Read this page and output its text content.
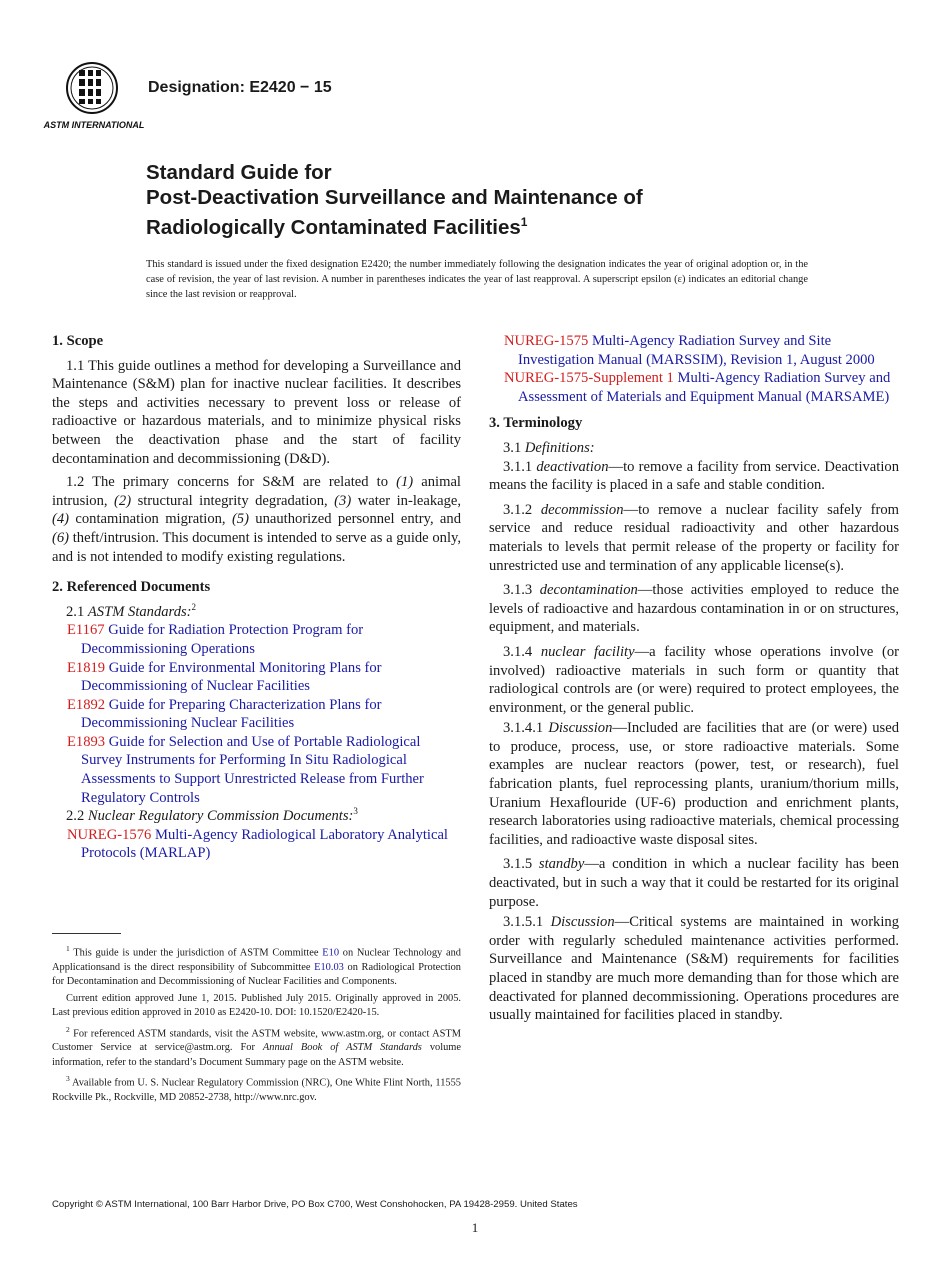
ASTM INTERNATIONAL
Designation: E2420 − 15
Standard Guide for
Post-Deactivation Surveillance and Maintenance of
Radiologically Contaminated Facilities$^1$
This standard is issued under the fixed designation E2420; the number immediately following the designation indicates the year of original adoption or, in the case of revision, the year of last revision. A number in parentheses indicates the year of last reapproval. A superscript epsilon (ε) indicates an editorial change since the last revision or reapproval.

1. Scope

1.1 This guide outlines a method for developing a Surveillance and Maintenance (S&M) plan for inactive nuclear facilities. It describes the steps and activities necessary to prevent loss or release of radioactive or hazardous materials, and to minimize physical risks between the deactivation phase and the start of facility decontamination and decommissioning (D&D).

1.2 The primary concerns for S&M are related to (1) animal intrusion, (2) structural integrity degradation, (3) water in-leakage, (4) contamination migration, (5) unauthorized personnel entry, and (6) theft/intrusion. This document is intended to serve as a guide only, and is not intended to modify existing regulations.

2. Referenced Documents

2.1 ASTM Standards:$^2$

E1167 Guide for Radiation Protection Program for Decommissioning Operations

E1819 Guide for Environmental Monitoring Plans for Decommissioning of Nuclear Facilities

E1892 Guide for Preparing Characterization Plans for Decommissioning Nuclear Facilities

E1893 Guide for Selection and Use of Portable Radiological Survey Instruments for Performing In Situ Radiological Assessments to Support Unrestricted Release from Further Regulatory Controls

2.2 Nuclear Regulatory Commission Documents:$^3$

NUREG-1576 Multi-Agency Radiological Laboratory Analytical Protocols (MARLAP)

NUREG-1575 Multi-Agency Radiation Survey and Site Investigation Manual (MARSSIM), Revision 1, August 2000

NUREG-1575-Supplement 1 Multi-Agency Radiation Survey and Assessment of Materials and Equipment Manual (MARSAME)

3. Terminology

3.1 Definitions:

3.1.1 deactivation—to remove a facility from service. Deactivation means the facility is placed in a safe and stable condition.

3.1.2 decommission—to remove a nuclear facility safely from service and reduce residual radioactivity and other hazardous materials to levels that permit release of the property or facility for unrestricted use and termination of any applicable license(s).

3.1.3 decontamination—those activities employed to reduce the levels of radioactive and hazardous contamination in or on structures, equipment, and materials.

3.1.4 nuclear facility—a facility whose operations involve (or involved) radioactive materials in such form or quantity that radiological controls are (or were) required to protect employees, the environment, or the general public.

3.1.4.1 Discussion—Included are facilities that are (or were) used to produce, process, use, or store radioactive materials. Some examples are nuclear reactors (power, test, or research), fuel fabrication plants, fuel reprocessing plants, uranium/thorium mills, Uranium Hexaflouride (UF-6) production and enrichment plants, research laboratories using radioactive materials, chemical processing facilities, and radioactive waste disposal sites.

3.1.5 standby—a condition in which a nuclear facility has been deactivated, but in such a way that it could be restarted for its original purpose.

3.1.5.1 Discussion—Critical systems are maintained in working order with regularly scheduled maintenance activities performed. Surveillance and Maintenance (S&M) requirements for facilities placed in standby are much more demanding than for those which are deactivated for planned decommissioning. Operations procedures are usually maintained for facilities placed in standby.

$^1$ This guide is under the jurisdiction of ASTM Committee E10 on Nuclear Technology and Applicationsand is the direct responsibility of Subcommittee E10.03 on Radiological Protection for Decontamination and Decommissioning of Nuclear Facilities and Components.

Current edition approved June 1, 2015. Published July 2015. Originally approved in 2005. Last previous edition approved in 2010 as E2420-10. DOI: 10.1520/E2420-15.

$^2$ For referenced ASTM standards, visit the ASTM website, www.astm.org, or contact ASTM Customer Service at service@astm.org. For Annual Book of ASTM Standards volume information, refer to the standard’s Document Summary page on the ASTM website.

$^3$ Available from U. S. Nuclear Regulatory Commission (NRC), One White Flint North, 11555 Rockville Pk., Rockville, MD 20852-2738, http://www.nrc.gov.

Copyright © ASTM International, 100 Barr Harbor Drive, PO Box C700, West Conshohocken, PA 19428-2959. United States
1
